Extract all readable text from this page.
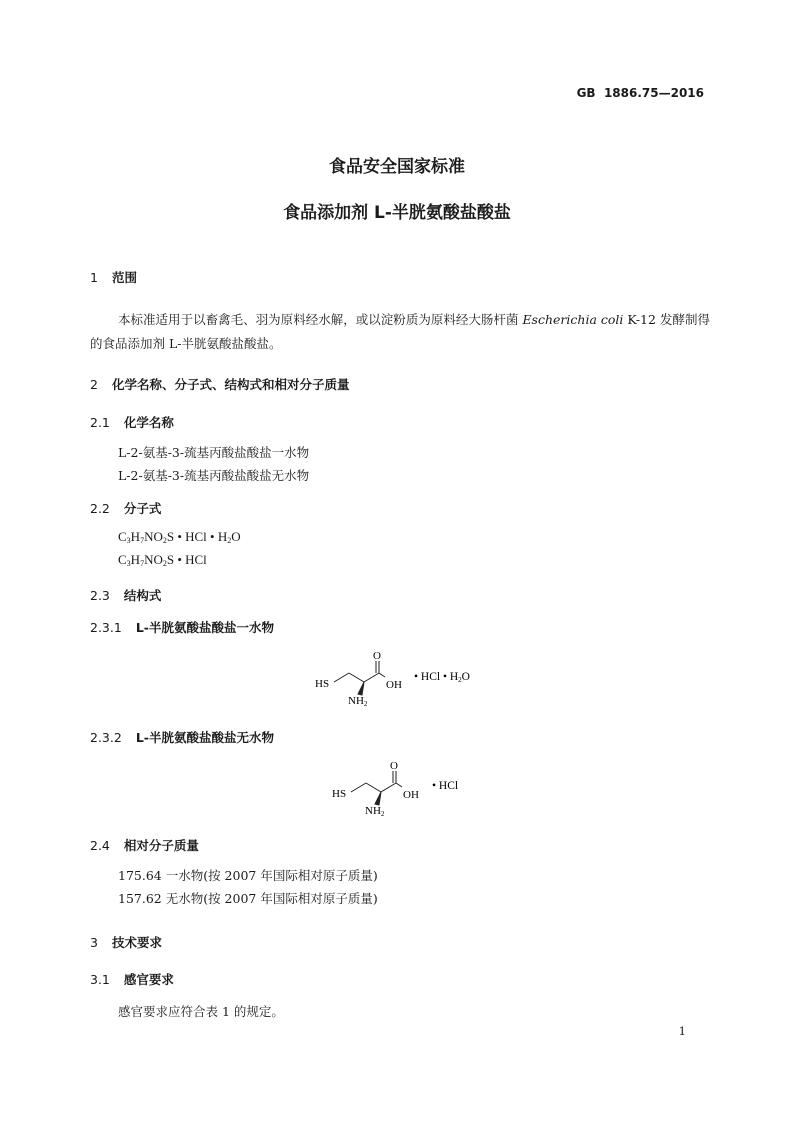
GB 1886.75—2016
食品安全国家标准
食品添加剂 L-半胱氨酸盐酸盐
1 范围
本标准适用于以畜禽毛、羽为原料经水解，或以淀粉质为原料经大肠杆菌 Escherichia coli K-12 发酵制得的食品添加剂 L-半胱氨酸盐酸盐。
2 化学名称、分子式、结构式和相对分子质量
2.1 化学名称
L-2-氨基-3-巯基丙酸盐酸盐一水物
L-2-氨基-3-巯基丙酸盐酸盐无水物
2.2 分子式
$C_3H_7NO_2S$ • HCl • $H_2O$
$C_3H_7NO_2S$ • HCl
2.3 结构式
2.3.1 L-半胱氨酸盐酸盐一水物
HS
O
OH
NH2
• HCl • H2O
2.3.2 L-半胱氨酸盐酸盐无水物
HS
O
OH
NH2
• HCl
2.4 相对分子质量
175.64 一水物(按 2007 年国际相对原子质量)
157.62 无水物(按 2007 年国际相对原子质量)
3 技术要求
3.1 感官要求
感官要求应符合表 1 的规定。
1
